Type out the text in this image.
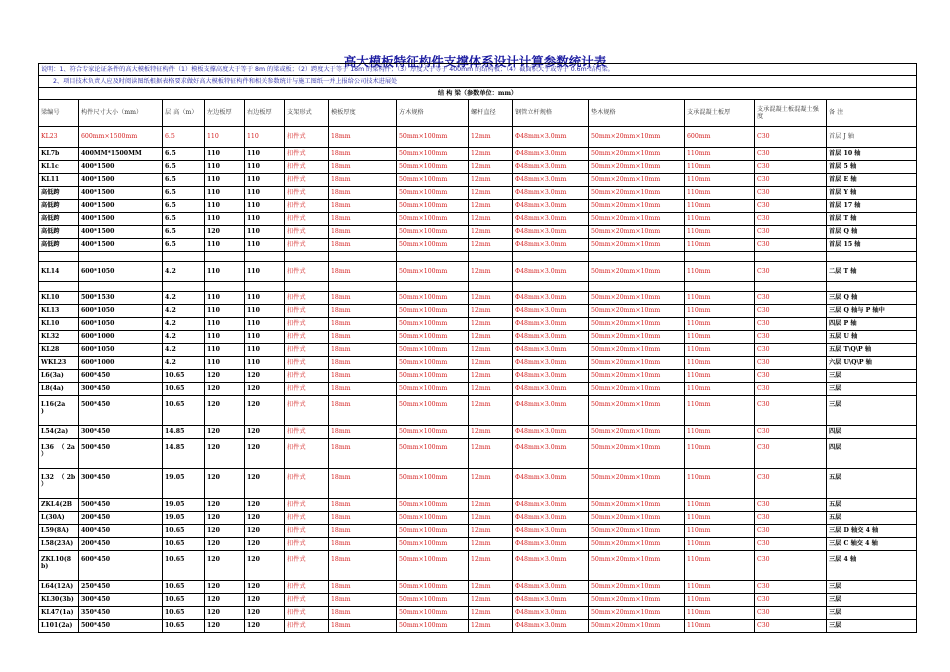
高大模板特征构件支撑体系设计计算参数统计表
说明：1、符合专家论证条件的高大模板特征构件（1）模板支撑高度大于等于 8m 的梁或板；（2）跨度大于等于 18m 的梁构件；（3）厚度大于等于 400mm 的结构板；（4）截面积大于或等于 0.6m²结构梁。													
2、项目技术负责人应及时阅读图纸根据表格要求做好高大模板特征构件和相关参数统计与施工图纸一并上报给公司技术进展处													
结 构 梁（参数单位：mm）													
梁编号	构件尺寸大小（mm）	层 高（m）	左边板厚	右边板厚	支架形式	模板厚度	方木规格	螺杆直径	钢管立杆规格	垫木规格	支承混凝土板厚	支承混凝土板混凝土强度	备 注
KL23	600mm×1500mm	6.5	110	110	扣件式	18mm	50mm×100mm	12mm	Φ48mm×3.0mm	50mm×20mm×10mm	600mm	C30	首层 J 轴
KL7b	400MM*1500MM	6.5	110	110	扣件式	18mm	50mm×100mm	12mm	Φ48mm×3.0mm	50mm×20mm×10mm	110mm	C30	首层 10 轴
KL1c	400*1500	6.5	110	110	扣件式	18mm	50mm×100mm	12mm	Φ48mm×3.0mm	50mm×20mm×10mm	110mm	C30	首层 5 轴
KL11	400*1500	6.5	110	110	扣件式	18mm	50mm×100mm	12mm	Φ48mm×3.0mm	50mm×20mm×10mm	110mm	C30	首层 E 轴
高低跨	400*1500	6.5	110	110	扣件式	18mm	50mm×100mm	12mm	Φ48mm×3.0mm	50mm×20mm×10mm	110mm	C30	首层 Y 轴
高低跨	400*1500	6.5	110	110	扣件式	18mm	50mm×100mm	12mm	Φ48mm×3.0mm	50mm×20mm×10mm	110mm	C30	首层 17 轴
高低跨	400*1500	6.5	110	110	扣件式	18mm	50mm×100mm	12mm	Φ48mm×3.0mm	50mm×20mm×10mm	110mm	C30	首层 T 轴
高低跨	400*1500	6.5	120	110	扣件式	18mm	50mm×100mm	12mm	Φ48mm×3.0mm	50mm×20mm×10mm	110mm	C30	首层 Q 轴
高低跨	400*1500	6.5	110	110	扣件式	18mm	50mm×100mm	12mm	Φ48mm×3.0mm	50mm×20mm×10mm	110mm	C30	首层 15 轴

KL14	600*1050	4.2	110	110	扣件式	18mm	50mm×100mm	12mm	Φ48mm×3.0mm	50mm×20mm×10mm	110mm	C30	二层 T 轴

KL10	500*1530	4.2	110	110	扣件式	18mm	50mm×100mm	12mm	Φ48mm×3.0mm	50mm×20mm×10mm	110mm	C30	三层 Q 轴
KL13	600*1050	4.2	110	110	扣件式	18mm	50mm×100mm	12mm	Φ48mm×3.0mm	50mm×20mm×10mm	110mm	C30	三层 Q 轴与 P 轴中
KL10	600*1050	4.2	110	110	扣件式	18mm	50mm×100mm	12mm	Φ48mm×3.0mm	50mm×20mm×10mm	110mm	C30	四层 P 轴
KL32	600*1000	4.2	110	110	扣件式	18mm	50mm×100mm	12mm	Φ48mm×3.0mm	50mm×20mm×10mm	110mm	C30	五层 U 轴
KL28	600*1050	4.2	110	110	扣件式	18mm	50mm×100mm	12mm	Φ48mm×3.0mm	50mm×20mm×10mm	110mm	C30	五层 T\Q\P 轴
WKL23	600*1000	4.2	110	110	扣件式	18mm	50mm×100mm	12mm	Φ48mm×3.0mm	50mm×20mm×10mm	110mm	C30	六层 U\Q\P 轴
L6(3a)	600*450	10.65	120	120	扣件式	18mm	50mm×100mm	12mm	Φ48mm×3.0mm	50mm×20mm×10mm	110mm	C30	三层
L8(4a)	300*450	10.65	120	120	扣件式	18mm	50mm×100mm	12mm	Φ48mm×3.0mm	50mm×20mm×10mm	110mm	C30	三层
L16(2a
)	500*450	10.65	120	120	扣件式	18mm	50mm×100mm	12mm	Φ48mm×3.0mm	50mm×20mm×10mm	110mm	C30	三层
L54(2a)	300*450	14.85	120	120	扣件式	18mm	50mm×100mm	12mm	Φ48mm×3.0mm	50mm×20mm×10mm	110mm	C30	四层
L36  （ 2a
）	500*450	14.85	120	120	扣件式	18mm	50mm×100mm	12mm	Φ48mm×3.0mm	50mm×20mm×10mm	110mm	C30	四层
L32  （ 2b
）	300*450	19.05	120	120	扣件式	18mm	50mm×100mm	12mm	Φ48mm×3.0mm	50mm×20mm×10mm	110mm	C30	五层
ZKL4(2B	500*450	19.05	120	120	扣件式	18mm	50mm×100mm	12mm	Φ48mm×3.0mm	50mm×20mm×10mm	110mm	C30	五层
L(30A)	200*450	19.05	120	120	扣件式	18mm	50mm×100mm	12mm	Φ48mm×3.0mm	50mm×20mm×10mm	110mm	C30	五层
L59(8A)	400*450	10.65	120	120	扣件式	18mm	50mm×100mm	12mm	Φ48mm×3.0mm	50mm×20mm×10mm	110mm	C30	三层 D 轴交 4 轴
L58(23A)	200*450	10.65	120	120	扣件式	18mm	50mm×100mm	12mm	Φ48mm×3.0mm	50mm×20mm×10mm	110mm	C30	三层 C 轴交 4 轴
ZKL10(8
b)	600*450	10.65	120	120	扣件式	18mm	50mm×100mm	12mm	Φ48mm×3.0mm	50mm×20mm×10mm	110mm	C30	三层 4 轴
L64(12A)	250*450	10.65	120	120	扣件式	18mm	50mm×100mm	12mm	Φ48mm×3.0mm	50mm×20mm×10mm	110mm	C30	三层
KL30(3b)	300*450	10.65	120	120	扣件式	18mm	50mm×100mm	12mm	Φ48mm×3.0mm	50mm×20mm×10mm	110mm	C30	三层
KL47(1a)	350*450	10.65	120	120	扣件式	18mm	50mm×100mm	12mm	Φ48mm×3.0mm	50mm×20mm×10mm	110mm	C30	三层
L101(2a)	500*450	10.65	120	120	扣件式	18mm	50mm×100mm	12mm	Φ48mm×3.0mm	50mm×20mm×10mm	110mm	C30	三层
